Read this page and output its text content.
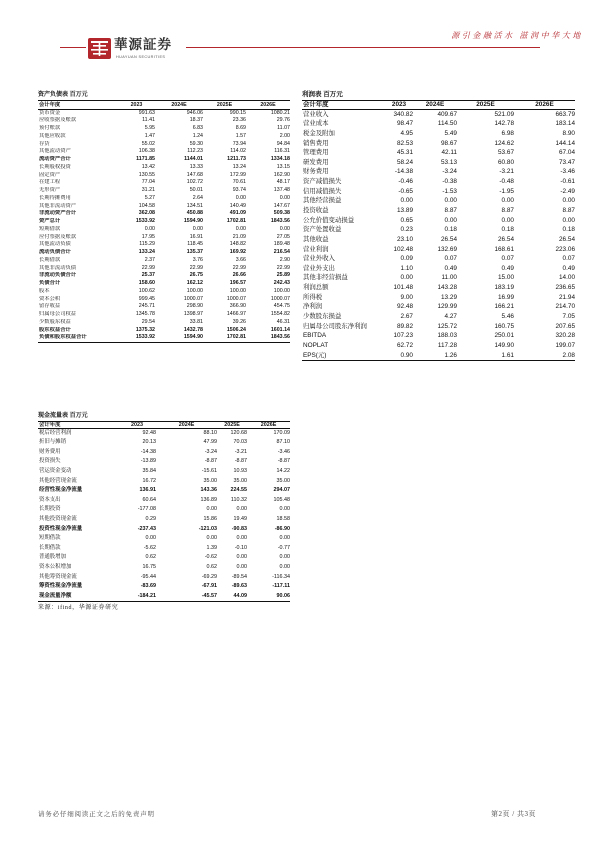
華源証券
HUAYUAN SECURITIES
源引金融活水 滋润中华大地
资产负债表 百万元
会计年度	2023	2024E	2025E	2026E
货币资金	991.63	946.06	990.15	1080.21
应收票据及账款	11.41	18.37	23.36	29.76
预付账款	5.95	6.83	8.69	11.07
其他应收款	1.47	1.24	1.57	2.00
存货	55.02	59.30	73.94	94.84
其他流动资产	106.38	112.23	114.02	116.31
流动资产合计	1171.85	1144.01	1211.73	1334.18
长期股权投资	13.42	13.33	13.24	13.15
固定资产	130.55	147.68	172.99	162.90
在建工程	77.04	102.72	70.61	48.17
无形资产	31.21	50.01	93.74	137.48
长期待摊费用	5.27	2.64	0.00	0.00
其他非流动资产	104.58	134.51	140.49	147.67
非流动资产合计	362.08	450.88	491.09	509.38
资产总计	1533.92	1594.90	1702.81	1843.56
短期借款	0.00	0.00	0.00	0.00
应付票据及账款	17.95	16.91	21.09	27.05
其他流动负债	115.29	118.45	148.82	189.48
流动负债合计	133.24	135.37	169.92	216.54
长期借款	2.37	3.76	3.66	2.90
其他非流动负债	22.99	22.99	22.99	22.99
非流动负债合计	25.37	26.75	26.66	25.89
负债合计	158.60	162.12	196.57	242.43
股本	100.62	100.00	100.00	100.00
资本公积	999.45	1000.07	1000.07	1000.07
留存收益	245.71	298.90	366.90	454.75
归属母公司权益	1345.78	1398.97	1466.97	1554.82
少数股东权益	29.54	33.81	39.26	46.31
股东权益合计	1375.32	1432.78	1506.24	1601.14
负债和股东权益合计	1533.92	1594.90	1702.81	1843.56
利润表 百万元
会计年度	2023	2024E	2025E	2026E
营业收入	340.82	409.67	521.09	663.79
营业成本	98.47	114.50	142.78	183.14
税金及附加	4.95	5.49	6.98	8.90
销售费用	82.53	98.67	124.62	144.14
管理费用	45.31	42.11	53.67	67.04
研发费用	58.24	53.13	60.80	73.47
财务费用	-14.38	-3.24	-3.21	-3.46
资产减值损失	-0.46	-0.38	-0.48	-0.61
信用减值损失	-0.65	-1.53	-1.95	-2.49
其他经营损益	0.00	0.00	0.00	0.00
投资收益	13.89	8.87	8.87	8.87
公允价值变动损益	0.65	0.00	0.00	0.00
资产处置收益	0.23	0.18	0.18	0.18
其他收益	23.10	26.54	26.54	26.54
营业利润	102.48	132.69	168.61	223.06
营业外收入	0.09	0.07	0.07	0.07
营业外支出	1.10	0.49	0.49	0.49
其他非经营损益	0.00	11.00	15.00	14.00
利润总额	101.48	143.28	183.19	236.65
所得税	9.00	13.29	16.99	21.94
净利润	92.48	129.99	166.21	214.70
少数股东损益	2.67	4.27	5.46	7.05
归属母公司股东净利润	89.82	125.72	160.75	207.65
EBITDA	107.23	188.03	250.01	320.28
NOPLAT	62.72	117.28	149.90	199.07
EPS(元)	0.90	1.26	1.61	2.08
现金流量表 百万元
会计年度	2023	2024E	2025E	2026E
税后经营利润	92.48	88.10	120.68	170.09
折旧与摊销	20.13	47.99	70.03	87.10
财务费用	-14.38	-3.24	-3.21	-3.46
投资损失	-13.89	-8.87	-8.87	-8.87
营运资金变动	35.84	-15.61	10.93	14.22
其他经营现金流	16.72	35.00	35.00	35.00
经营性现金净流量	136.91	143.36	224.55	294.07
资本支出	60.64	136.89	110.32	105.48
长期投资	-177.08	0.00	0.00	0.00
其他投资现金流	0.29	15.86	19.49	18.58
投资性现金净流量	-237.43	-121.03	-90.83	-86.90
短期借款	0.00	0.00	0.00	0.00
长期借款	-5.62	1.39	-0.10	-0.77
普通股增加	0.62	-0.62	0.00	0.00
资本公积增加	16.75	0.62	0.00	0.00
其他筹资现金流	-95.44	-69.29	-89.54	-116.34
筹资性现金净流量	-83.69	-67.91	-89.63	-117.11
现金流量净额	-184.21	-45.57	44.09	90.06
来源：ifind，华源证券研究
请务必仔细阅读正文之后的免责声明	第2页 / 共3页
